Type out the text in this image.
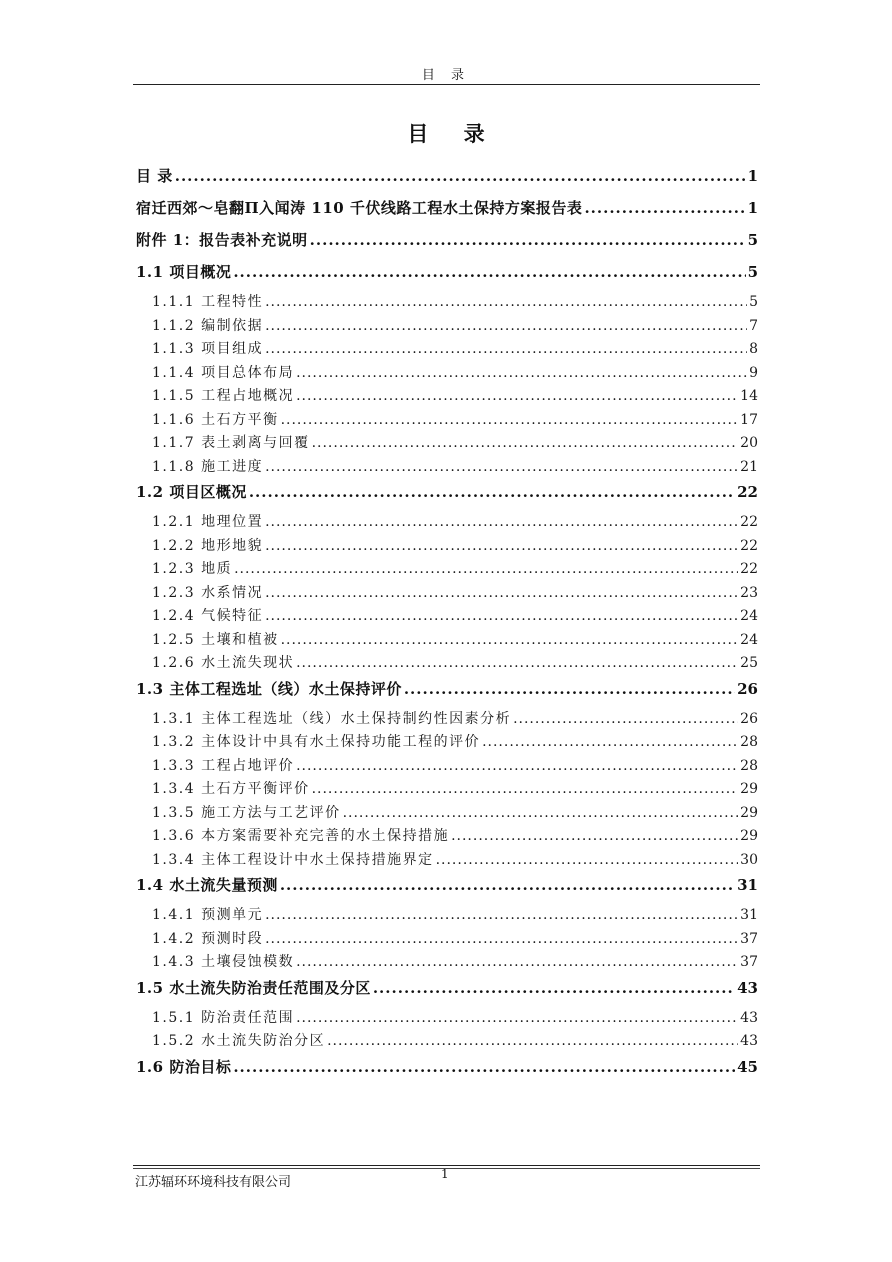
目 录
目 录
目 录 .....	1
宿迁西郊～皂翻Π入闻涛 110 千伏线路工程水土保持方案报告表 .....	1
附件 1：报告表补充说明 .....	5
1.1 项目概况 .....	5
1.1.1 工程特性 .....	5
1.1.2 编制依据 .....	7
1.1.3 项目组成 .....	8
1.1.4 项目总体布局 .....	9
1.1.5 工程占地概况 .....	14
1.1.6 土石方平衡 .....	17
1.1.7 表土剥离与回覆 .....	20
1.1.8 施工进度 .....	21
1.2 项目区概况 .....	22
1.2.1 地理位置 .....	22
1.2.2 地形地貌 .....	22
1.2.3 地质 .....	22
1.2.3 水系情况 .....	23
1.2.4 气候特征 .....	24
1.2.5 土壤和植被 .....	24
1.2.6 水土流失现状 .....	25
1.3 主体工程选址（线）水土保持评价 .....	26
1.3.1 主体工程选址（线）水土保持制约性因素分析 .....	26
1.3.2 主体设计中具有水土保持功能工程的评价 .....	28
1.3.3 工程占地评价 .....	28
1.3.4 土石方平衡评价 .....	29
1.3.5 施工方法与工艺评价 .....	29
1.3.6 本方案需要补充完善的水土保持措施 .....	29
1.3.4 主体工程设计中水土保持措施界定 .....	30
1.4 水土流失量预测 .....	31
1.4.1 预测单元 .....	31
1.4.2 预测时段 .....	37
1.4.3 土壤侵蚀模数 .....	37
1.5 水土流失防治责任范围及分区 .....	43
1.5.1 防治责任范围 .....	43
1.5.2 水土流失防治分区 .....	43
1.6 防治目标 .....	45
江苏辐环环境科技有限公司
1
